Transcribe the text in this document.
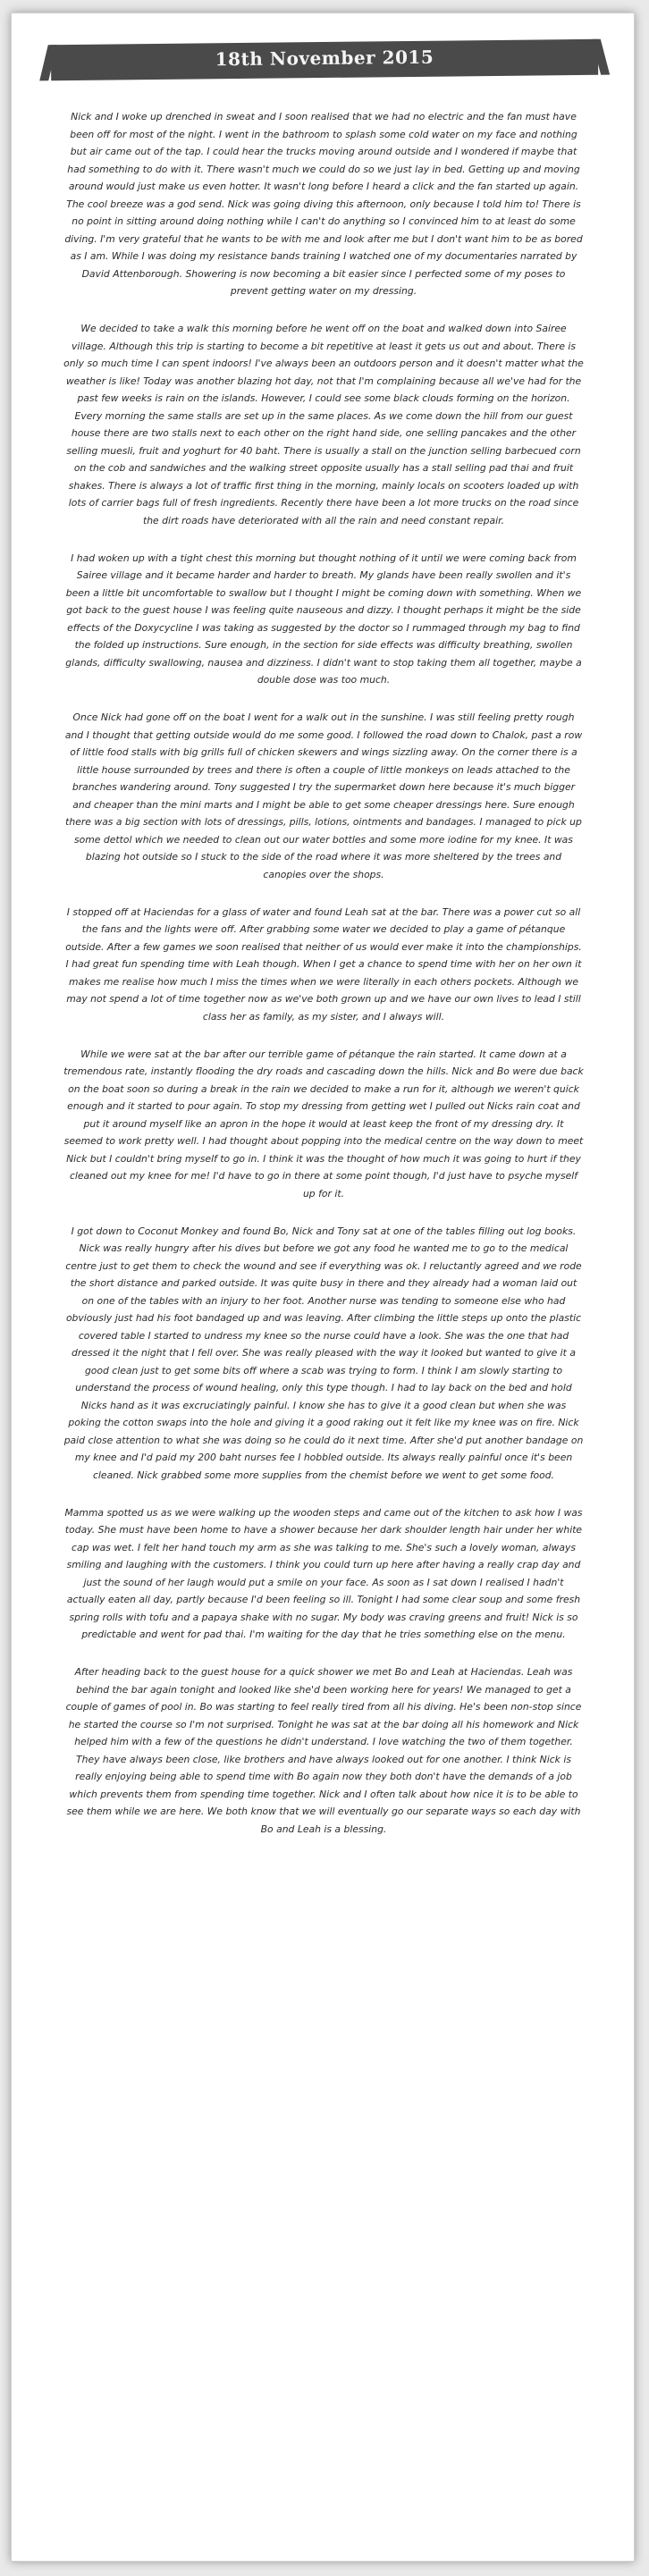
18th November 2015

Nick and I woke up drenched in sweat and I soon realised that we had no electric and the fan must have been off for most of the night. I went in the bathroom to splash some cold water on my face and nothing but air came out of the tap. I could hear the trucks moving around outside and I wondered if maybe that had something to do with it. There wasn't much we could do so we just lay in bed. Getting up and moving around would just make us even hotter. It wasn't long before I heard a click and the fan started up again. The cool breeze was a god send. Nick was going diving this afternoon, only because I told him to! There is no point in sitting around doing nothing while I can't do anything so I convinced him to at least do some diving. I'm very grateful that he wants to be with me and look after me but I don't want him to be as bored as I am. While I was doing my resistance bands training I watched one of my documentaries narrated by David Attenborough. Showering is now becoming a bit easier since I perfected some of my poses to prevent getting water on my dressing.

We decided to take a walk this morning before he went off on the boat and walked down into Sairee village. Although this trip is starting to become a bit repetitive at least it gets us out and about. There is only so much time I can spent indoors! I've always been an outdoors person and it doesn't matter what the weather is like! Today was another blazing hot day, not that I'm complaining because all we've had for the past few weeks is rain on the islands. However, I could see some black clouds forming on the horizon. Every morning the same stalls are set up in the same places. As we come down the hill from our guest house there are two stalls next to each other on the right hand side, one selling pancakes and the other selling muesli, fruit and yoghurt for 40 baht. There is usually a stall on the junction selling barbecued corn on the cob and sandwiches and the walking street opposite usually has a stall selling pad thai and fruit shakes. There is always a lot of traffic first thing in the morning, mainly locals on scooters loaded up with lots of carrier bags full of fresh ingredients. Recently there have been a lot more trucks on the road since the dirt roads have deteriorated with all the rain and need constant repair.

I had woken up with a tight chest this morning but thought nothing of it until we were coming back from Sairee village and it became harder and harder to breath. My glands have been really swollen and it's been a little bit uncomfortable to swallow but I thought I might be coming down with something. When we got back to the guest house I was feeling quite nauseous and dizzy. I thought perhaps it might be the side effects of the Doxycycline I was taking as suggested by the doctor so I rummaged through my bag to find the folded up instructions. Sure enough, in the section for side effects was difficulty breathing, swollen glands, difficulty swallowing, nausea and dizziness. I didn't want to stop taking them all together, maybe a double dose was too much.

Once Nick had gone off on the boat I went for a walk out in the sunshine. I was still feeling pretty rough and I thought that getting outside would do me some good. I followed the road down to Chalok, past a row of little food stalls with big grills full of chicken skewers and wings sizzling away. On the corner there is a little house surrounded by trees and there is often a couple of little monkeys on leads attached to the branches wandering around. Tony suggested I try the supermarket down here because it's much bigger and cheaper than the mini marts and I might be able to get some cheaper dressings here. Sure enough there was a big section with lots of dressings, pills, lotions, ointments and bandages. I managed to pick up some dettol which we needed to clean out our water bottles and some more iodine for my knee. It was blazing hot outside so I stuck to the side of the road where it was more sheltered by the trees and canopies over the shops.

I stopped off at Haciendas for a glass of water and found Leah sat at the bar. There was a power cut so all the fans and the lights were off. After grabbing some water we decided to play a game of pétanque outside. After a few games we soon realised that neither of us would ever make it into the championships. I had great fun spending time with Leah though. When I get a chance to spend time with her on her own it makes me realise how much I miss the times when we were literally in each others pockets. Although we may not spend a lot of time together now as we've both grown up and we have our own lives to lead I still class her as family, as my sister, and I always will.

While we were sat at the bar after our terrible game of pétanque the rain started. It came down at a tremendous rate, instantly flooding the dry roads and cascading down the hills. Nick and Bo were due back on the boat soon so during a break in the rain we decided to make a run for it, although we weren't quick enough and it started to pour again. To stop my dressing from getting wet I pulled out Nicks rain coat and put it around myself like an apron in the hope it would at least keep the front of my dressing dry. It seemed to work pretty well. I had thought about popping into the medical centre on the way down to meet Nick but I couldn't bring myself to go in. I think it was the thought of how much it was going to hurt if they cleaned out my knee for me! I'd have to go in there at some point though, I'd just have to psyche myself up for it.

I got down to Coconut Monkey and found Bo, Nick and Tony sat at one of the tables filling out log books. Nick was really hungry after his dives but before we got any food he wanted me to go to the medical centre just to get them to check the wound and see if everything was ok. I reluctantly agreed and we rode the short distance and parked outside. It was quite busy in there and they already had a woman laid out on one of the tables with an injury to her foot. Another nurse was tending to someone else who had obviously just had his foot bandaged up and was leaving. After climbing the little steps up onto the plastic covered table I started to undress my knee so the nurse could have a look. She was the one that had dressed it the night that I fell over. She was really pleased with the way it looked but wanted to give it a good clean just to get some bits off where a scab was trying to form. I think I am slowly starting to understand the process of wound healing, only this type though. I had to lay back on the bed and hold Nicks hand as it was excruciatingly painful. I know she has to give it a good clean but when she was poking the cotton swaps into the hole and giving it a good raking out it felt like my knee was on fire. Nick paid close attention to what she was doing so he could do it next time. After she'd put another bandage on my knee and I'd paid my 200 baht nurses fee I hobbled outside. Its always really painful once it's been cleaned. Nick grabbed some more supplies from the chemist before we went to get some food.

Mamma spotted us as we were walking up the wooden steps and came out of the kitchen to ask how I was today. She must have been home to have a shower because her dark shoulder length hair under her white cap was wet. I felt her hand touch my arm as she was talking to me. She's such a lovely woman, always smiling and laughing with the customers. I think you could turn up here after having a really crap day and just the sound of her laugh would put a smile on your face. As soon as I sat down I realised I hadn't actually eaten all day, partly because I'd been feeling so ill. Tonight I had some clear soup and some fresh spring rolls with tofu and a papaya shake with no sugar. My body was craving greens and fruit! Nick is so predictable and went for pad thai. I'm waiting for the day that he tries something else on the menu.

After heading back to the guest house for a quick shower we met Bo and Leah at Haciendas. Leah was behind the bar again tonight and looked like she'd been working here for years! We managed to get a couple of games of pool in. Bo was starting to feel really tired from all his diving. He's been non-stop since he started the course so I'm not surprised. Tonight he was sat at the bar doing all his homework and Nick helped him with a few of the questions he didn't understand. I love watching the two of them together. They have always been close, like brothers and have always looked out for one another. I think Nick is really enjoying being able to spend time with Bo again now they both don't have the demands of a job which prevents them from spending time together. Nick and I often talk about how nice it is to be able to see them while we are here. We both know that we will eventually go our separate ways so each day with Bo and Leah is a blessing.
